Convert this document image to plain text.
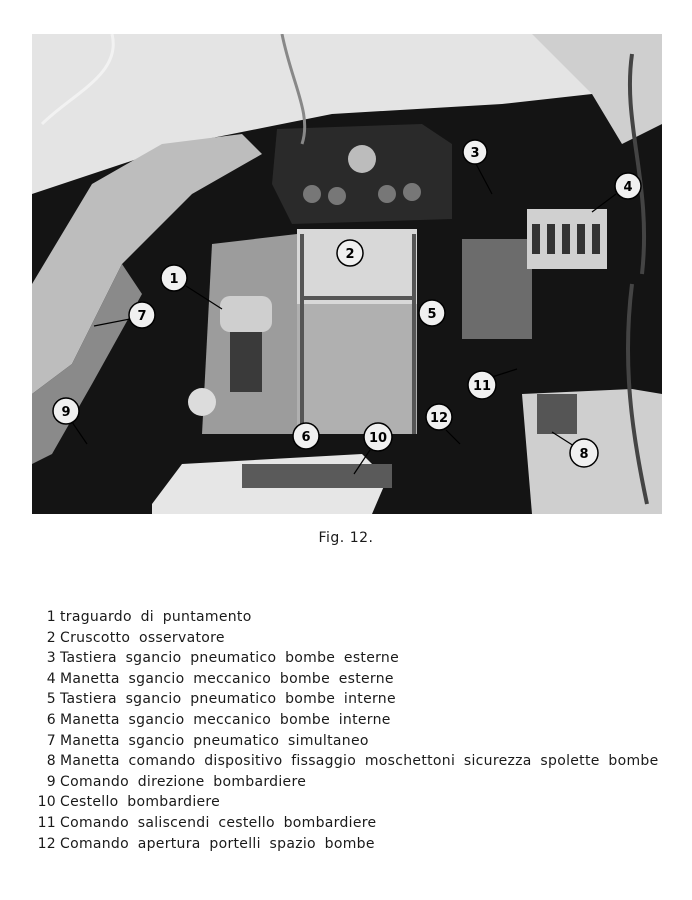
1
2
3
4
5
6
7
8
9
10
11
12
Fig. 12.
1 traguardo di puntamento
2 Cruscotto osservatore
3 Tastiera sgancio pneumatico bombe esterne
4 Manetta sgancio meccanico bombe esterne
5 Tastiera sgancio pneumatico bombe interne
6 Manetta sgancio meccanico bombe interne
7 Manetta sgancio pneumatico simultaneo
8 Manetta comando dispositivo fissaggio moschettoni sicurezza spolette bombe
9 Comando direzione bombardiere
10 Cestello bombardiere
11 Comando saliscendi cestello bombardiere
12 Comando apertura portelli spazio bombe
